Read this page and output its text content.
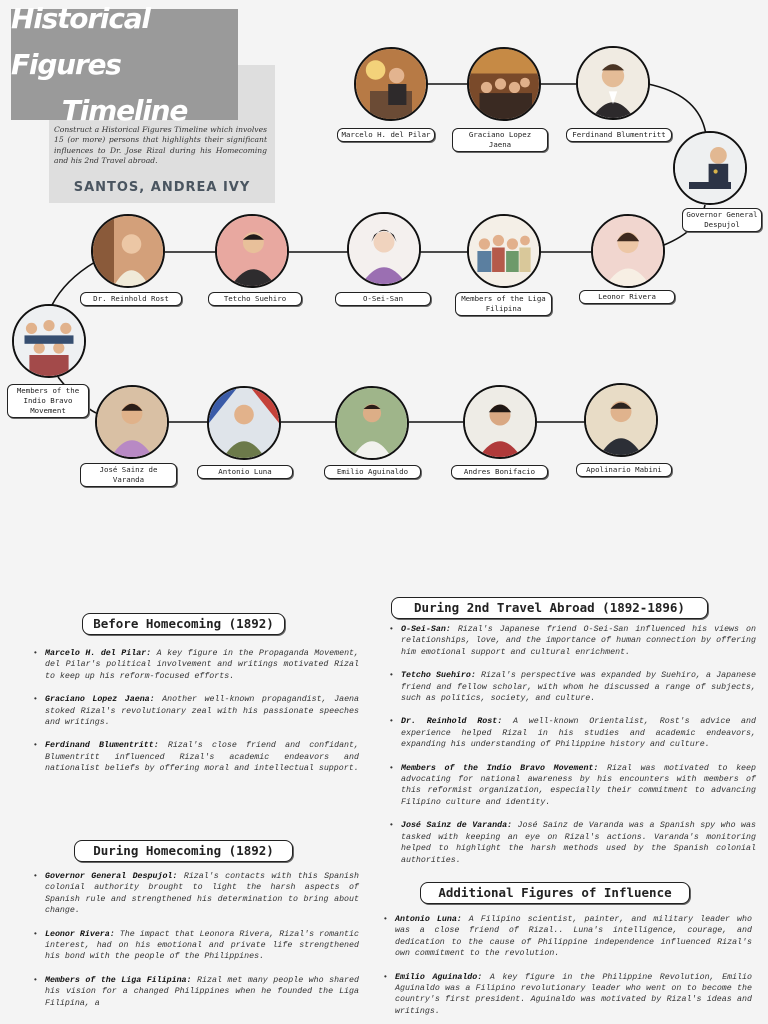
Historical Figures
Timeline
Construct a Historical Figures Timeline which involves 15 (or more) persons that highlights their significant influences to Dr. Jose Rizal during his Homecoming and his 2nd Travel abroad.
SANTOS, ANDREA IVY
Marcelo H. del Pilar	Graciano Lopez Jaena
Ferdinand Blumentritt
Governor General Despujol
Leonor Rivera
Members of the Liga Filipina
O-Sei-San
Tetcho Suehiro
Dr. Reinhold Rost
Members of the Indio Bravo Movement
José Sainz de Varanda
Antonio Luna	Emilio Aguinaldo	Andres Bonifacio	Apolinario Mabini
Before Homecoming (1892)
• Marcelo H. del Pilar: A key figure in the Propaganda Movement, del Pilar's political involvement and writings motivated Rizal to keep up his reform-focused efforts.
• Graciano Lopez Jaena: Another well-known propagandist, Jaena stoked Rizal's revolutionary zeal with his passionate speeches and writings.
• Ferdinand Blumentritt: Rizal's close friend and confidant, Blumentritt influenced Rizal's academic endeavors and nationalist beliefs by offering moral and intellectual support.
During Homecoming (1892)
• Governor General Despujol: Rizal's contacts with this Spanish colonial authority brought to light the harsh aspects of Spanish rule and strengthened his determination to bring about change.
• Leonor Rivera: The impact that Leonora Rivera, Rizal's romantic interest, had on his emotional and private life strengthened his bond with the people of the Philippines.
• Members of the Liga Filipina: Rizal met many people who shared his vision for a changed Philippines when he founded the Liga Filipina, a
During 2nd Travel Abroad (1892-1896)
• O-Sei-San: Rizal's Japanese friend O-Sei-San influenced his views on relationships, love, and the importance of human connection by offering him emotional support and cultural enrichment.
• Tetcho Suehiro: Rizal's perspective was expanded by Suehiro, a Japanese friend and fellow scholar, with whom he discussed a range of subjects, such as politics, society, and culture.
• Dr. Reinhold Rost: A well-known Orientalist, Rost's advice and experience helped Rizal in his studies and academic endeavors, expanding his understanding of Philippine history and culture.
• Members of the Indio Bravo Movement: Rizal was motivated to keep advocating for national awareness by his encounters with members of this reformist organization, especially their commitment to advancing Filipino culture and identity.
• José Sainz de Varanda: José Sainz de Varanda was a Spanish spy who was tasked with keeping an eye on Rizal's actions. Varanda's monitoring helped to highlight the harsh methods used by the Spanish colonial authorities.
Additional Figures of Influence
• Antonio Luna: A Filipino scientist, painter, and military leader who was a close friend of Rizal.. Luna's intelligence, courage, and dedication to the cause of Philippine independence influenced Rizal's own commitment to the revolution.
• Emilio Aguinaldo: A key figure in the Philippine Revolution, Emilio Aguinaldo was a Filipino revolutionary leader who went on to become the country's first president. Aguinaldo was motivated by Rizal's ideas and writings.
